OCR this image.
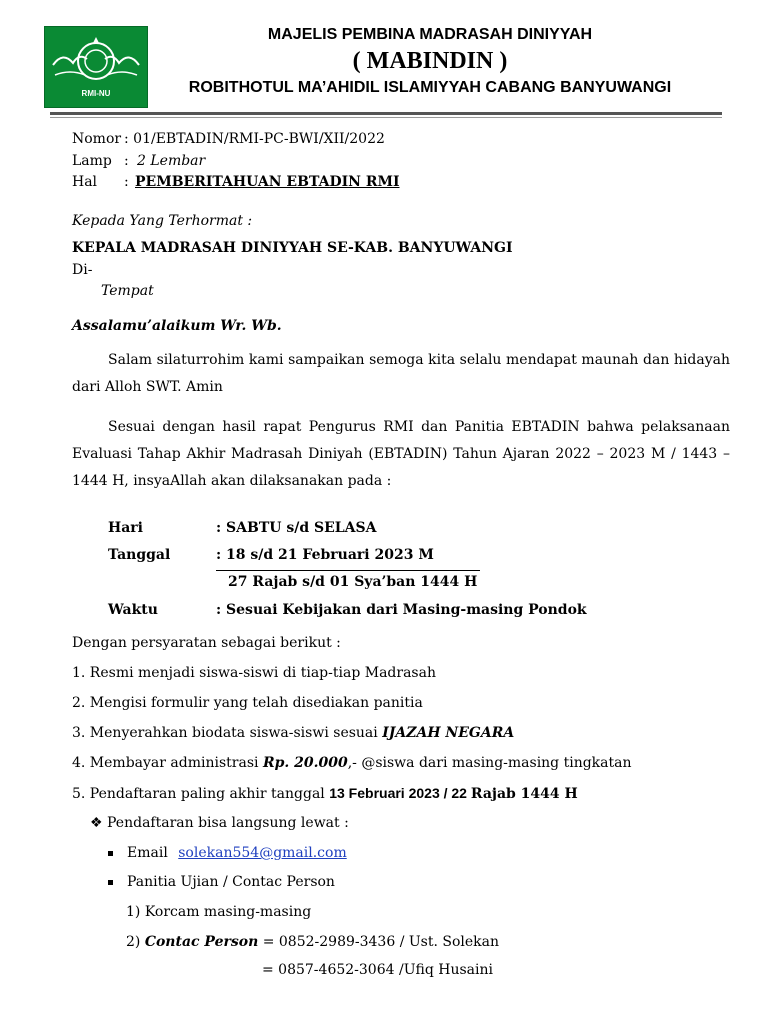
RMI-NU
MAJELIS PEMBINA MADRASAH DINIYYAH
( MABINDIN )
ROBITHOTUL MA’AHIDIL ISLAMIYYAH CABANG BANYUWANGI
Nomor : 01/EBTADIN/RMI-PC-BWI/XII/2022
Lamp : 2 Lembar
Hal : PEMBERITAHUAN EBTADIN RMI
Kepada Yang Terhormat :
KEPALA MADRASAH DINIYYAH SE-KAB. BANYUWANGI
Di-
Tempat
Assalamu’alaikum Wr. Wb.
Salam silaturrohim kami sampaikan semoga kita selalu mendapat maunah dan hidayah dari Alloh SWT. Amin
Sesuai dengan hasil rapat Pengurus RMI dan Panitia EBTADIN bahwa pelaksanaan Evaluasi Tahap Akhir Madrasah Diniyah (EBTADIN) Tahun Ajaran 2022 – 2023 M / 1443 – 1444 H, insyaAllah akan dilaksanakan pada :
Hari	: SABTU s/d SELASA
Tanggal	: 18 s/d 21 Februari 2023 M
27 Rajab s/d 01 Sya’ban 1444 H
Waktu	: Sesuai Kebijakan dari Masing-masing Pondok
Dengan persyaratan sebagai berikut :
1. Resmi menjadi siswa-siswi di tiap-tiap Madrasah
2. Mengisi formulir yang telah disediakan panitia
3. Menyerahkan biodata siswa-siswi sesuai IJAZAH NEGARA
4. Membayar administrasi Rp. 20.000,- @siswa dari masing-masing tingkatan
5. Pendaftaran paling akhir tanggal 13 Februari 2023 / 22 Rajab 1444 H
❖ Pendaftaran bisa langsung lewat :
Email solekan554@gmail.com
Panitia Ujian / Contac Person
1) Korcam masing-masing
2) Contac Person = 0852-2989-3436 / Ust. Solekan
= 0857-4652-3064 /Ufiq Husaini
